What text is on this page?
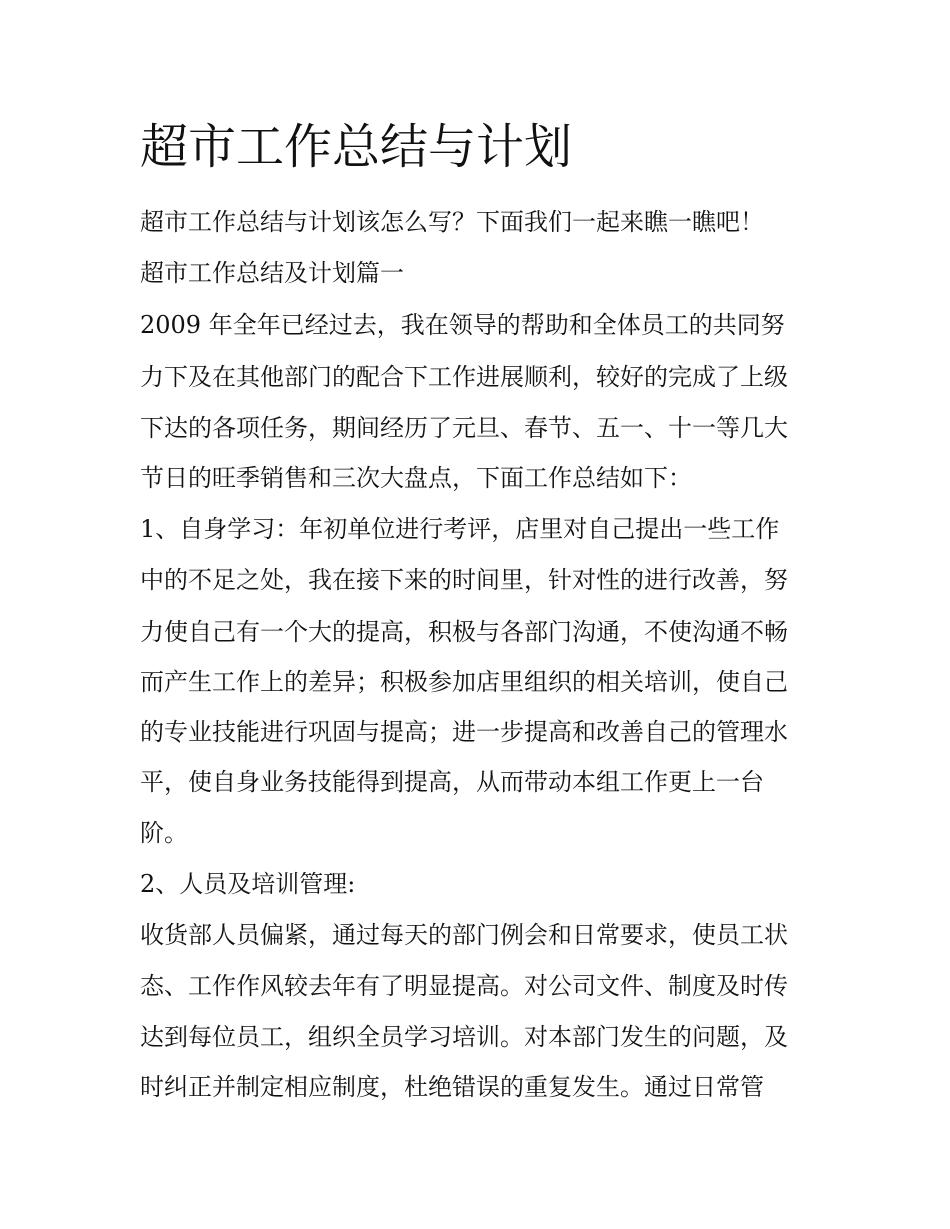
超市工作总结与计划
超市工作总结与计划该怎么写？下面我们一起来瞧一瞧吧！
超市工作总结及计划篇一
2009 年全年已经过去，我在领导的帮助和全体员工的共同努
力下及在其他部门的配合下工作进展顺利，较好的完成了上级
下达的各项任务，期间经历了元旦、春节、五一、十一等几大
节日的旺季销售和三次大盘点，下面工作总结如下：
1、自身学习：年初单位进行考评，店里对自己提出一些工作
中的不足之处，我在接下来的时间里，针对性的进行改善，努
力使自己有一个大的提高，积极与各部门沟通，不使沟通不畅
而产生工作上的差异；积极参加店里组织的相关培训，使自己
的专业技能进行巩固与提高；进一步提高和改善自己的管理水
平，使自身业务技能得到提高，从而带动本组工作更上一台
阶。
2、人员及培训管理:
收货部人员偏紧，通过每天的部门例会和日常要求，使员工状
态、工作作风较去年有了明显提高。对公司文件、制度及时传
达到每位员工，组织全员学习培训。对本部门发生的问题，及
时纠正并制定相应制度，杜绝错误的重复发生。通过日常管
